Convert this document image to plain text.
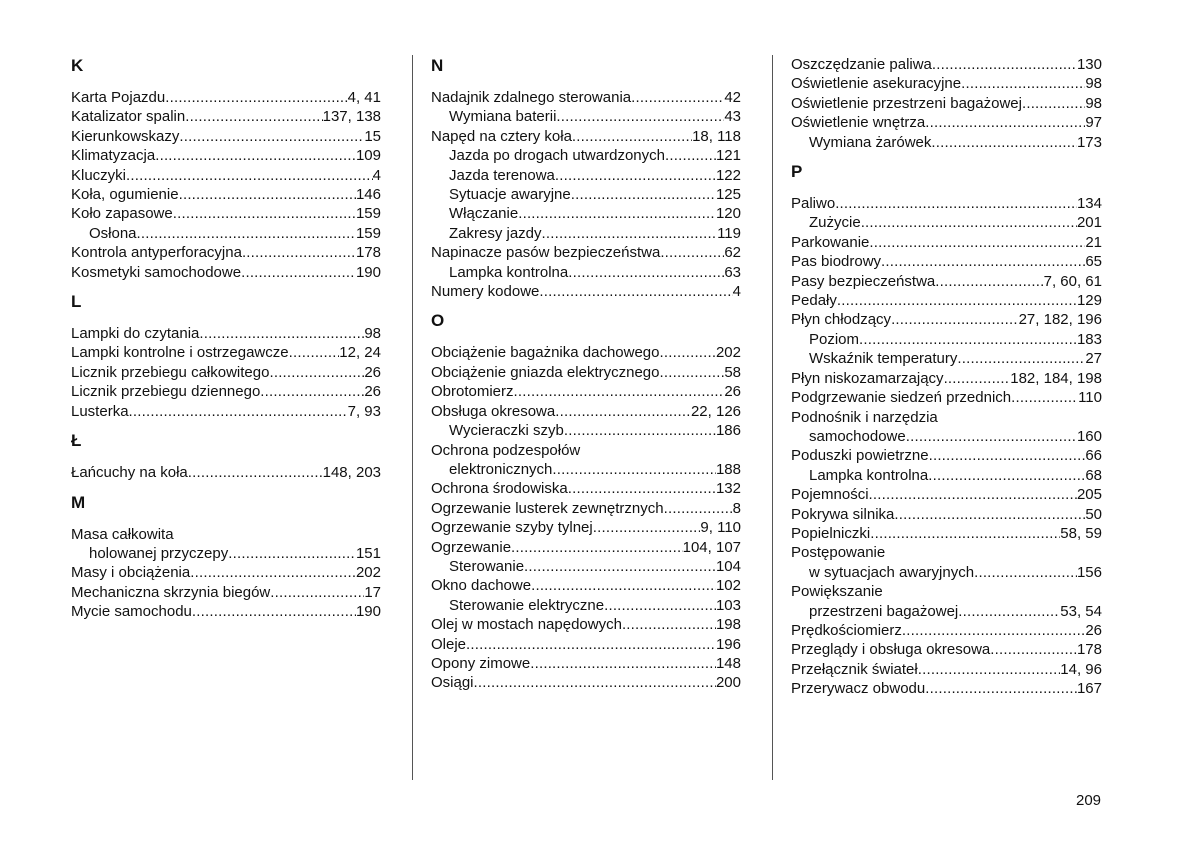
K
Karta Pojazdu .....	4, 41
Katalizator spalin .....	137, 138
Kierunkowskazy .....	15
Klimatyzacja .....	109
Kluczyki .....	4
Koła, ogumienie .....	146
Koło zapasowe .....	159
Osłona .....	159
Kontrola antyperforacyjna .....	178
Kosmetyki samochodowe .....	190
L
Lampki do czytania .....	98
Lampki kontrolne i ostrzegawcze .....	12, 24
Licznik przebiegu całkowitego .....	26
Licznik przebiegu dziennego .....	26
Lusterka .....	7, 93
Ł
Łańcuchy na koła .....	148, 203
M
Masa całkowita
holowanej przyczepy .....	151
Masy i obciążenia .....	202
Mechaniczna skrzynia biegów .....	17
Mycie samochodu .....	190
N
Nadajnik zdalnego sterowania .....	42
Wymiana baterii .....	43
Napęd na cztery koła .....	18, 118
Jazda po drogach utwardzonych .....	121
Jazda terenowa .....	122
Sytuacje awaryjne .....	125
Włączanie .....	120
Zakresy jazdy .....	119
Napinacze pasów bezpieczeństwa .....	62
Lampka kontrolna .....	63
Numery kodowe .....	4
O
Obciążenie bagażnika dachowego .....	202
Obciążenie gniazda elektrycznego .....	58
Obrotomierz .....	26
Obsługa okresowa .....	22, 126
Wycieraczki szyb .....	186
Ochrona podzespołów
elektronicznych .....	188
Ochrona środowiska .....	132
Ogrzewanie lusterek zewnętrznych .....	8
Ogrzewanie szyby tylnej .....	9, 110
Ogrzewanie .....	104, 107
Sterowanie .....	104
Okno dachowe .....	102
Sterowanie elektryczne .....	103
Olej w mostach napędowych .....	198
Oleje .....	196
Opony zimowe .....	148
Osiągi .....	200
Oszczędzanie paliwa .....	130
Oświetlenie asekuracyjne .....	98
Oświetlenie przestrzeni bagażowej .....	98
Oświetlenie wnętrza .....	97
Wymiana żarówek .....	173
P
Paliwo .....	134
Zużycie .....	201
Parkowanie .....	21
Pas biodrowy .....	65
Pasy bezpieczeństwa .....	7, 60, 61
Pedały .....	129
Płyn chłodzący .....	27, 182, 196
Poziom .....	183
Wskaźnik temperatury .....	27
Płyn niskozamarzający .....	182, 184, 198
Podgrzewanie siedzeń przednich .....	110
Podnośnik i narzędzia
samochodowe .....	160
Poduszki powietrzne .....	66
Lampka kontrolna .....	68
Pojemności .....	205
Pokrywa silnika .....	50
Popielniczki .....	58, 59
Postępowanie
w sytuacjach awaryjnych .....	156
Powiększanie
przestrzeni bagażowej .....	53, 54
Prędkościomierz .....	26
Przeglądy i obsługa okresowa .....	178
Przełącznik świateł .....	14, 96
Przerywacz obwodu .....	167
209
